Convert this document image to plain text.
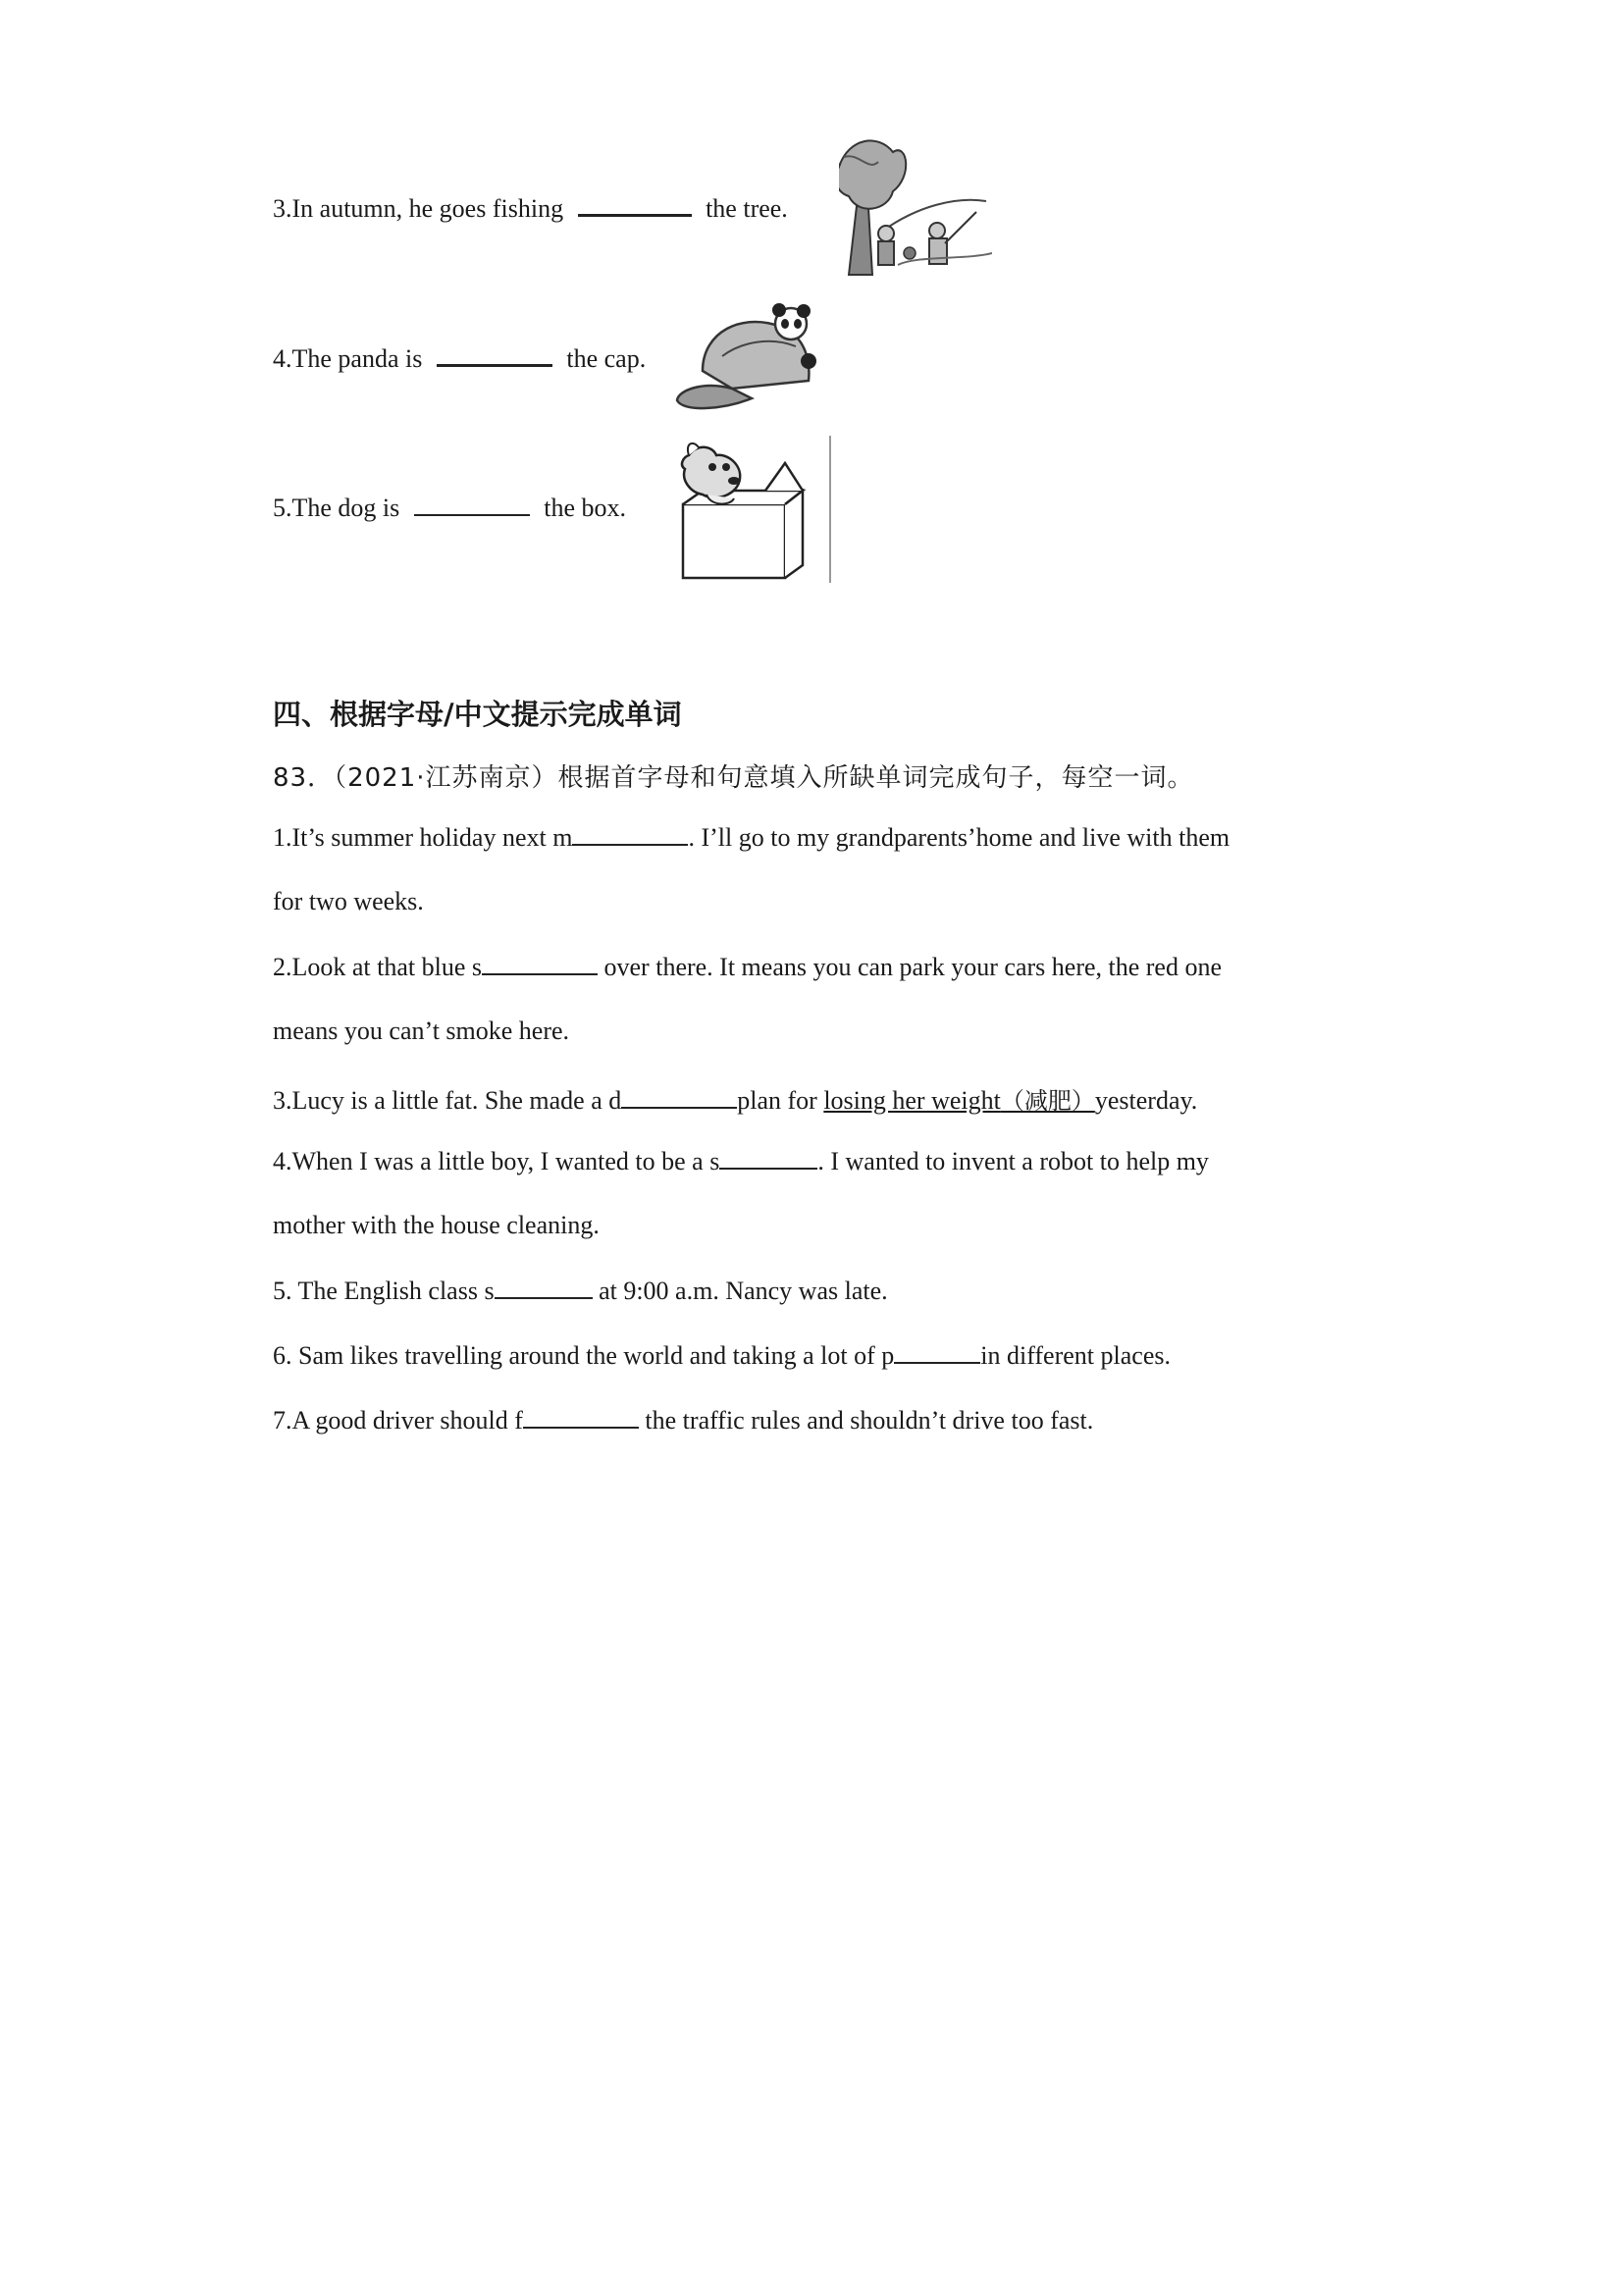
3.In autumn, he goes fishing	the tree.
4.The panda is	the cap.
5.The dog is	the box.
四、根据字母/中文提示完成单词
83．（2021·江苏南京）根据首字母和句意填入所缺单词完成句子，每空一词。
1.It’s summer holiday next m	. I’ll go to my grandparents’home and live with them
for two weeks.
2.Look at that blue s	over there. It means you can park your cars here, the red one
means you can’t smoke here.
3.Lucy is a little fat. She made a d	plan for losing her weight（减肥）yesterday.
4.When I was a little boy, I wanted to be a s	. I wanted to invent a robot to help my
mother with the house cleaning.
5. The English class s	at 9:00 a.m. Nancy was late.
6. Sam likes travelling around the world and taking a lot of p	in different places.
7.A good driver should f	the traffic rules and shouldn’t drive too fast.
